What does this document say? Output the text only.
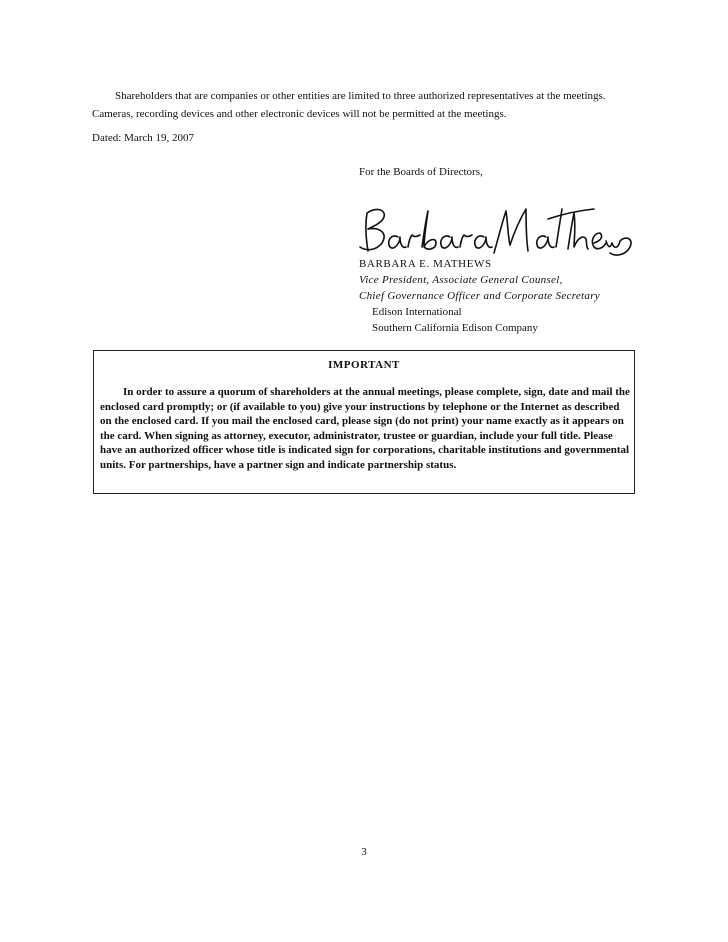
Shareholders that are companies or other entities are limited to three authorized representatives at the meetings. Cameras, recording devices and other electronic devices will not be permitted at the meetings.

Dated: March 19, 2007

For the Boards of Directors,

BARBARA E. MATHEWS
Vice President, Associate General Counsel,
Chief Governance Officer and Corporate Secretary
Edison International
Southern California Edison Company
IMPORTANT

In order to assure a quorum of shareholders at the annual meetings, please complete, sign, date and mail the enclosed card promptly; or (if available to you) give your instructions by telephone or the Internet as described on the enclosed card. If you mail the enclosed card, please sign (do not print) your name exactly as it appears on the card. When signing as attorney, executor, administrator, trustee or guardian, include your full title. Please have an authorized officer whose title is indicated sign for corporations, charitable institutions and governmental units. For partnerships, have a partner sign and indicate partnership status.

3
